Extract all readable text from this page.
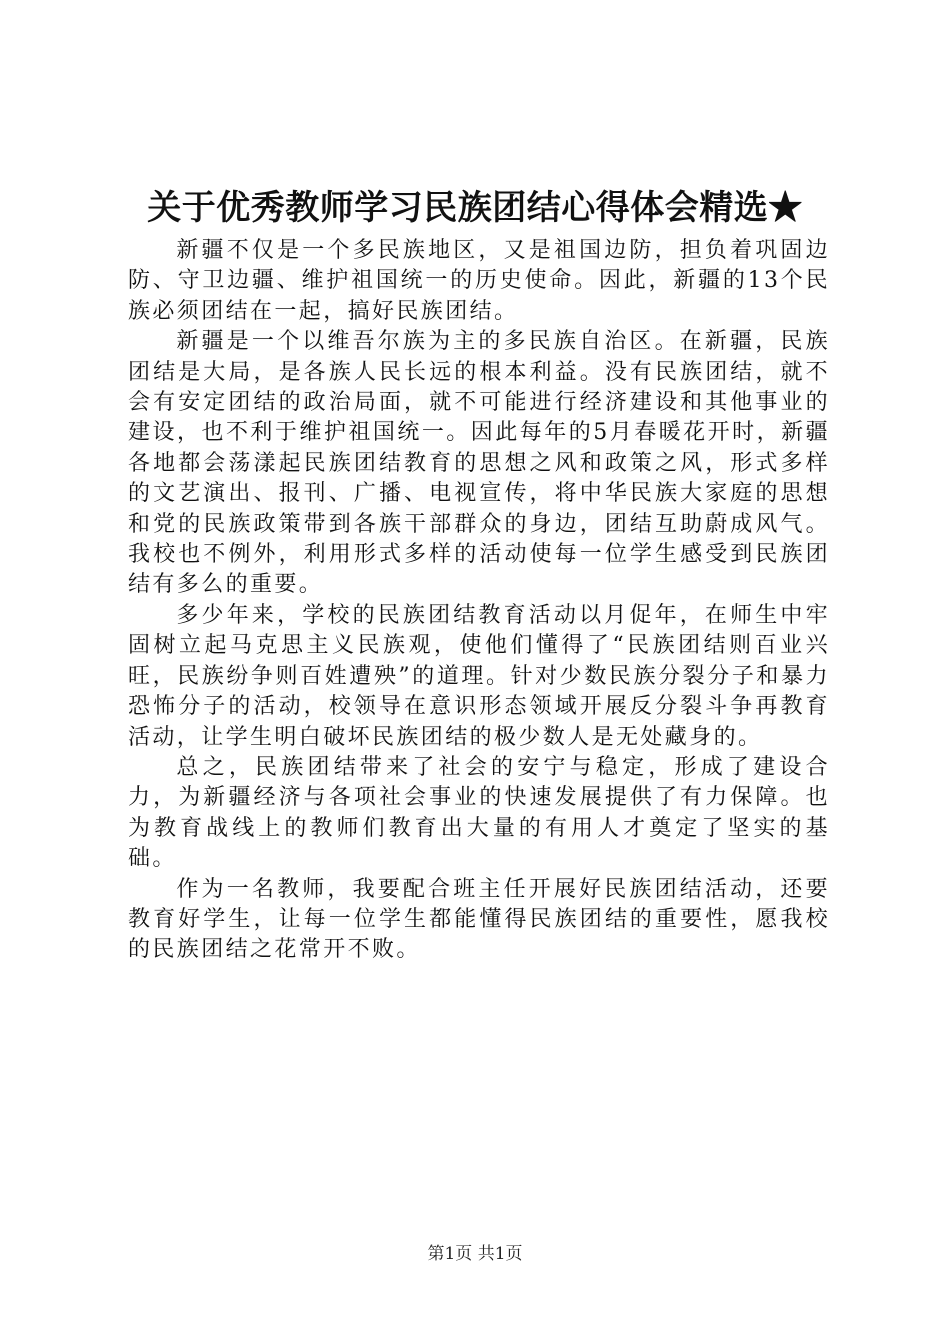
关于优秀教师学习民族团结心得体会精选★

新疆不仅是一个多民族地区，又是祖国边防，担负着巩固边防、守卫边疆、维护祖国统一的历史使命。因此，新疆的13个民族必须团结在一起，搞好民族团结。

新疆是一个以维吾尔族为主的多民族自治区。在新疆，民族团结是大局，是各族人民长远的根本利益。没有民族团结，就不会有安定团结的政治局面，就不可能进行经济建设和其他事业的建设，也不利于维护祖国统一。因此每年的5月春暖花开时，新疆各地都会荡漾起民族团结教育的思想之风和政策之风，形式多样的文艺演出、报刊、广播、电视宣传，将中华民族大家庭的思想和党的民族政策带到各族干部群众的身边，团结互助蔚成风气。我校也不例外，利用形式多样的活动使每一位学生感受到民族团结有多么的重要。

多少年来，学校的民族团结教育活动以月促年，在师生中牢固树立起马克思主义民族观，使他们懂得了“民族团结则百业兴旺，民族纷争则百姓遭殃”的道理。针对少数民族分裂分子和暴力恐怖分子的活动，校领导在意识形态领域开展反分裂斗争再教育活动，让学生明白破坏民族团结的极少数人是无处藏身的。

总之，民族团结带来了社会的安宁与稳定，形成了建设合力，为新疆经济与各项社会事业的快速发展提供了有力保障。也为教育战线上的教师们教育出大量的有用人才奠定了坚实的基础。

作为一名教师，我要配合班主任开展好民族团结活动，还要教育好学生，让每一位学生都能懂得民族团结的重要性，愿我校的民族团结之花常开不败。

第1页 共1页
